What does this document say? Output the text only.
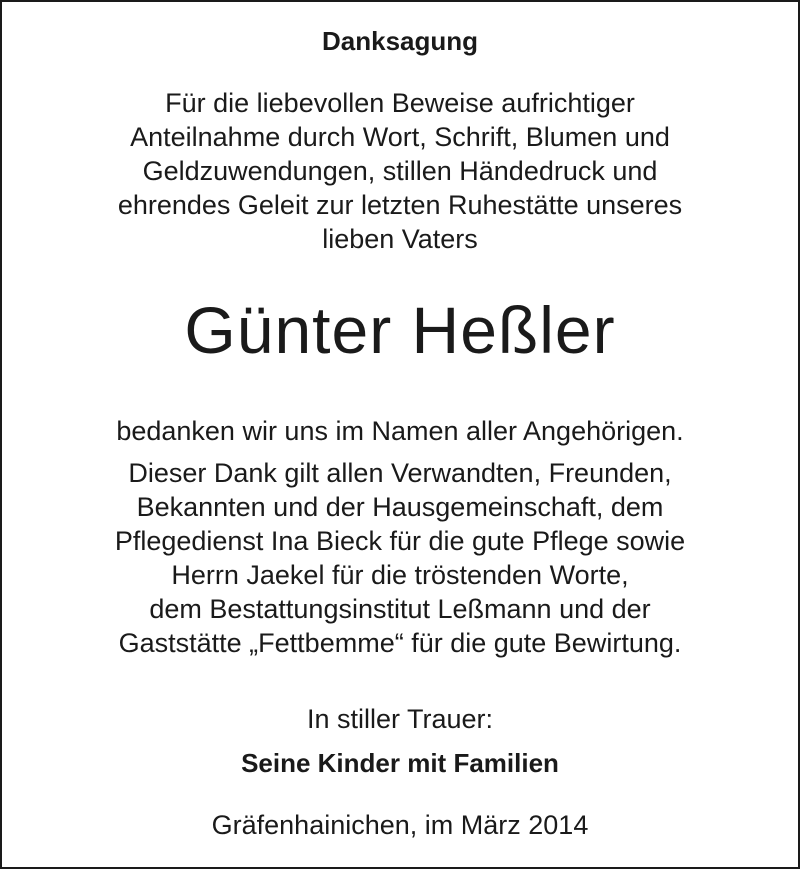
Danksagung
Für die liebevollen Beweise aufrichtiger
Anteilnahme durch Wort, Schrift, Blumen und
Geldzuwendungen, stillen Händedruck und
ehrendes Geleit zur letzten Ruhestätte unseres
lieben Vaters
Günter Heßler
bedanken wir uns im Namen aller Angehörigen.
Dieser Dank gilt allen Verwandten, Freunden,
Bekannten und der Hausgemeinschaft, dem
Pflegedienst Ina Bieck für die gute Pflege sowie
Herrn Jaekel für die tröstenden Worte,
dem Bestattungsinstitut Leßmann und der
Gaststätte „Fettbemme“ für die gute Bewirtung.
In stiller Trauer:
Seine Kinder mit Familien
Gräfenhainichen, im März 2014
